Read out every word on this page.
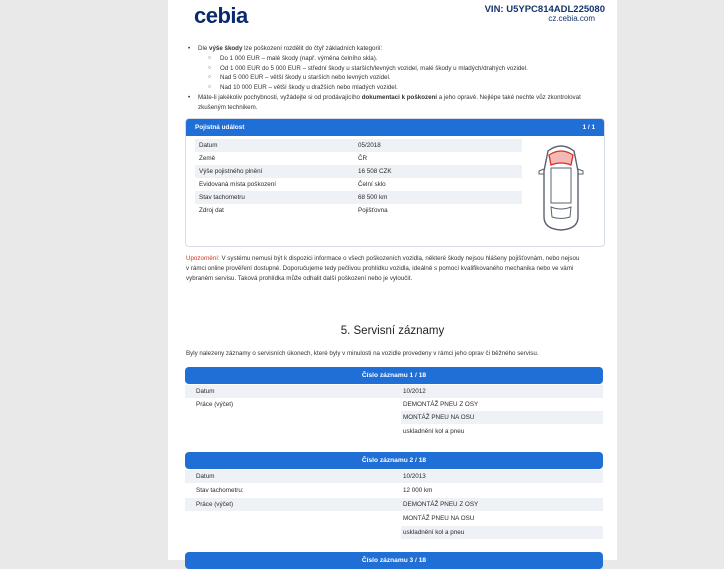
cebia	VIN: U5YPC814ADL225080
cz.cebia.com
• Dle výše škody lze poškození rozdělit do čtyř základních kategorií:
○ Do 1 000 EUR – malé škody (např. výměna čelního skla).
○ Od 1 000 EUR do 5 000 EUR – střední škody u starších/levných vozidel, malé škody u mladých/drahých vozidel.
○ Nad 5 000 EUR – větší škody u starších nebo levných vozidel.
○ Nad 10 000 EUR – větší škody u dražších nebo mladých vozidel.
• Máte-li jakékoliv pochybnosti, vyžádejte si od prodávajícího dokumentaci k poškození a jeho opravě. Nejlépe také nechte vůz zkontrolovat
zkušeným technikem.
Pojistná událost	1 / 1
Datum	05/2018
Země	ČR
Výše pojistného plnění	16 508 CZK
Evidovaná místa poškození	Čelní sklo
Stav tachometru	68 500 km
Zdroj dat	Pojišťovna
Upozornění: V systému nemusí být k dispozici informace o všech poškozeních vozidla, některé škody nejsou hlášeny pojišťovnám, nebo nejsou
v rámci online prověření dostupné. Doporučujeme tedy pečlivou prohlídku vozidla, ideálně s pomocí kvalifikovaného mechanika nebo ve vámi
vybraném servisu. Taková prohlídka může odhalit další poškození nebo je vyloučit.
5. Servisní záznamy
Byly nalezeny záznamy o servisních úkonech, které byly v minulosti na vozidle provedeny v rámci jeho oprav či běžného servisu.
Číslo záznamu 1 / 18
Datum	10/2012
Práce (výčet)	DEMONTÁŽ PNEU Z OSY
MONTÁŽ PNEU NA OSU
uskladnění kol a pneu
Číslo záznamu 2 / 18
Datum	10/2013
Stav tachometru:	12 000 km
Práce (výčet)	DEMONTÁŽ PNEU Z OSY
MONTÁŽ PNEU NA OSU
uskladnění kol a pneu
Číslo záznamu 3 / 18
